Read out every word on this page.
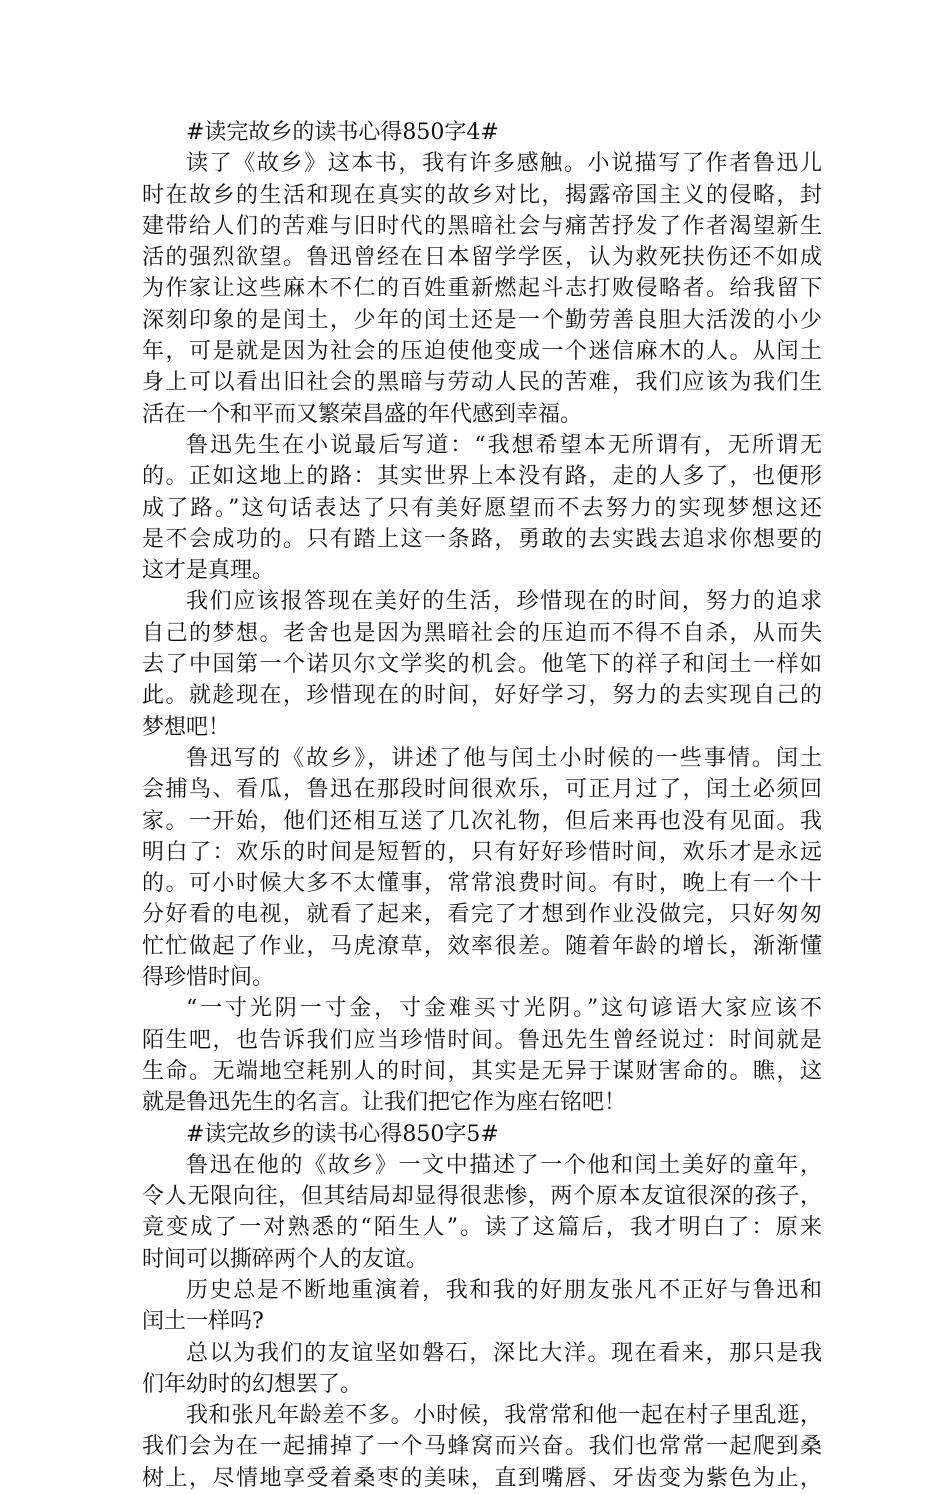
#读完故乡的读书心得850字4#
读了《故乡》这本书，我有许多感触。小说描写了作者鲁迅儿
时在故乡的生活和现在真实的故乡对比，揭露帝国主义的侵略，封
建带给人们的苦难与旧时代的黑暗社会与痛苦抒发了作者渴望新生
活的强烈欲望。鲁迅曾经在日本留学学医，认为救死扶伤还不如成
为作家让这些麻木不仁的百姓重新燃起斗志打败侵略者。给我留下
深刻印象的是闰土，少年的闰土还是一个勤劳善良胆大活泼的小少
年，可是就是因为社会的压迫使他变成一个迷信麻木的人。从闰土
身上可以看出旧社会的黑暗与劳动人民的苦难，我们应该为我们生
活在一个和平而又繁荣昌盛的年代感到幸福。
鲁迅先生在小说最后写道：“我想希望本无所谓有，无所谓无
的。正如这地上的路：其实世界上本没有路，走的人多了，也便形
成了路。”这句话表达了只有美好愿望而不去努力的实现梦想这还
是不会成功的。只有踏上这一条路，勇敢的去实践去追求你想要的
这才是真理。
我们应该报答现在美好的生活，珍惜现在的时间，努力的追求
自己的梦想。老舍也是因为黑暗社会的压迫而不得不自杀，从而失
去了中国第一个诺贝尔文学奖的机会。他笔下的祥子和闰土一样如
此。就趁现在，珍惜现在的时间，好好学习，努力的去实现自己的
梦想吧！
鲁迅写的《故乡》，讲述了他与闰土小时候的一些事情。闰土
会捕鸟、看瓜，鲁迅在那段时间很欢乐，可正月过了，闰土必须回
家。一开始，他们还相互送了几次礼物，但后来再也没有见面。我
明白了：欢乐的时间是短暂的，只有好好珍惜时间，欢乐才是永远
的。可小时候大多不太懂事，常常浪费时间。有时，晚上有一个十
分好看的电视，就看了起来，看完了才想到作业没做完，只好匆匆
忙忙做起了作业，马虎潦草，效率很差。随着年龄的增长，渐渐懂
得珍惜时间。
“一寸光阴一寸金，寸金难买寸光阴。”这句谚语大家应该不
陌生吧，也告诉我们应当珍惜时间。鲁迅先生曾经说过：时间就是
生命。无端地空耗别人的时间，其实是无异于谋财害命的。瞧，这
就是鲁迅先生的名言。让我们把它作为座右铭吧！
#读完故乡的读书心得850字5#
鲁迅在他的《故乡》一文中描述了一个他和闰土美好的童年，
令人无限向往，但其结局却显得很悲惨，两个原本友谊很深的孩子，
竟变成了一对熟悉的“陌生人”。读了这篇后，我才明白了：原来
时间可以撕碎两个人的友谊。
历史总是不断地重演着，我和我的好朋友张凡不正好与鲁迅和
闰土一样吗?
总以为我们的友谊坚如磐石，深比大洋。现在看来，那只是我
们年幼时的幻想罢了。
我和张凡年龄差不多。小时候，我常常和他一起在村子里乱逛，
我们会为在一起捕掉了一个马蜂窝而兴奋。我们也常常一起爬到桑
树上，尽情地享受着桑枣的美味，直到嘴唇、牙齿变为紫色为止，
